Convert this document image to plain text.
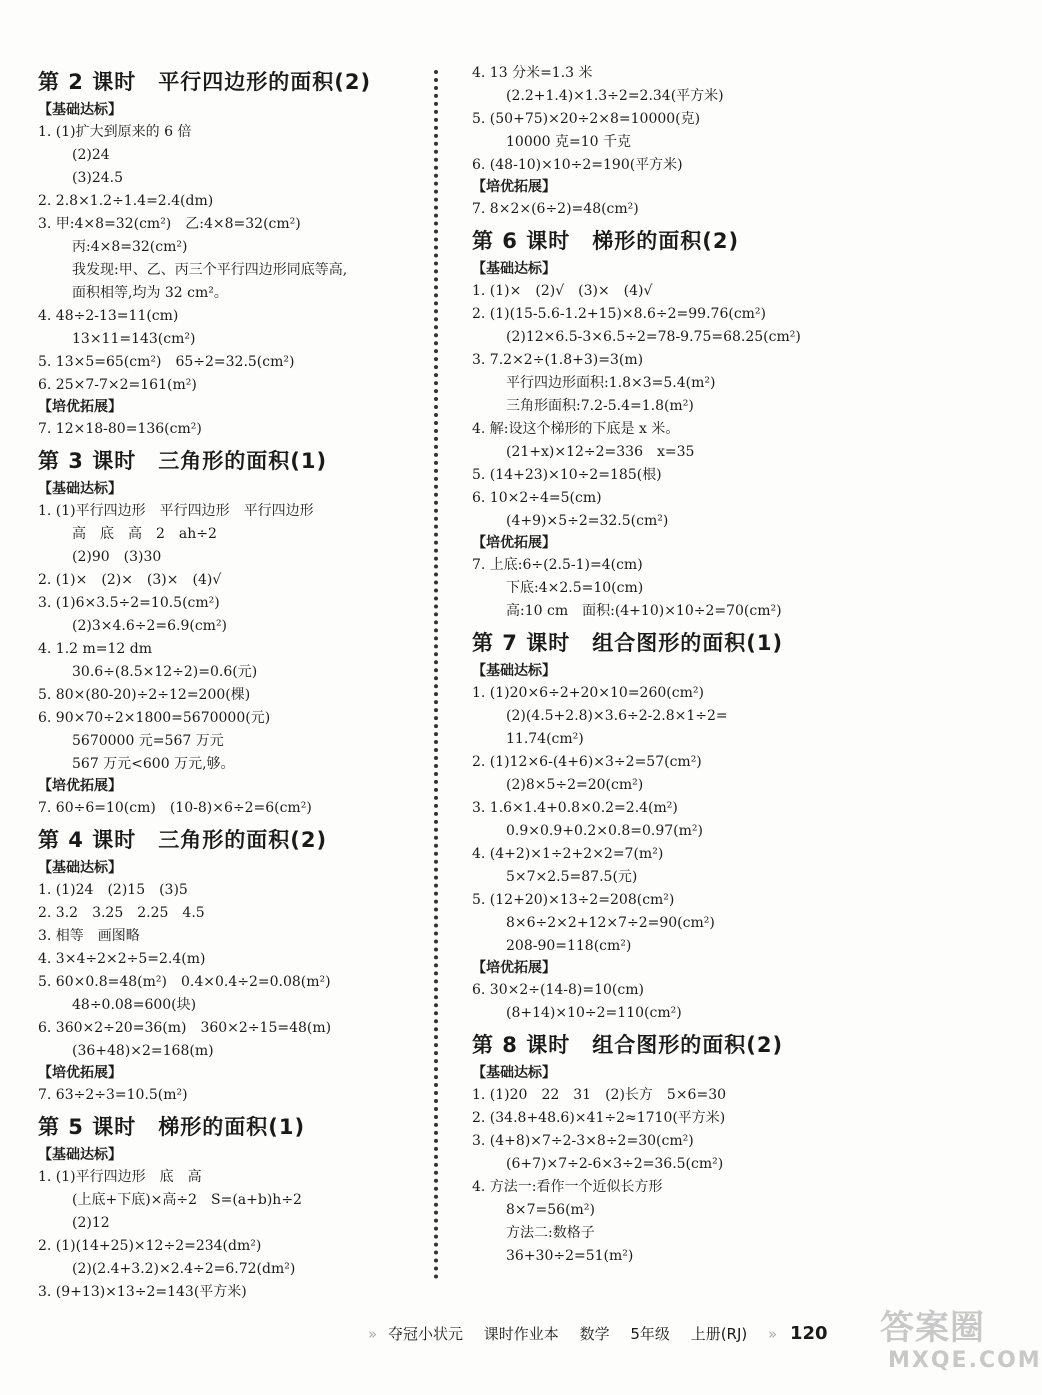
第 2 课时 平行四边形的面积(2)
【基础达标】
1. (1)扩大到原来的 6 倍
(2)24
(3)24.5
2. 2.8×1.2÷1.4=2.4(dm)
3. 甲:4×8=32(cm²)　乙:4×8=32(cm²)
丙:4×8=32(cm²)
我发现:甲、乙、丙三个平行四边形同底等高,
面积相等,均为 32 cm²。
4. 48÷2-13=11(cm)
13×11=143(cm²)
5. 13×5=65(cm²)　65÷2=32.5(cm²)
6. 25×7-7×2=161(m²)
【培优拓展】
7. 12×18-80=136(cm²)
第 3 课时 三角形的面积(1)
【基础达标】
1. (1)平行四边形　平行四边形　平行四边形
高　底　高　2　ah÷2
(2)90　(3)30
2. (1)×　(2)×　(3)×　(4)√
3. (1)6×3.5÷2=10.5(cm²)
(2)3×4.6÷2=6.9(cm²)
4. 1.2 m=12 dm
30.6÷(8.5×12÷2)=0.6(元)
5. 80×(80-20)÷2÷12=200(棵)
6. 90×70÷2×1800=5670000(元)
5670000 元=567 万元
567 万元<600 万元,够。
【培优拓展】
7. 60÷6=10(cm)　(10-8)×6÷2=6(cm²)
第 4 课时 三角形的面积(2)
【基础达标】
1. (1)24　(2)15　(3)5
2. 3.2　3.25　2.25　4.5
3. 相等　画图略
4. 3×4÷2×2÷5=2.4(m)
5. 60×0.8=48(m²)　0.4×0.4÷2=0.08(m²)
48÷0.08=600(块)
6. 360×2÷20=36(m)　360×2÷15=48(m)
(36+48)×2=168(m)
【培优拓展】
7. 63÷2÷3=10.5(m²)
第 5 课时 梯形的面积(1)
【基础达标】
1. (1)平行四边形　底　高
(上底+下底)×高÷2　S=(a+b)h÷2
(2)12
2. (1)(14+25)×12÷2=234(dm²)
(2)(2.4+3.2)×2.4÷2=6.72(dm²)
3. (9+13)×13÷2=143(平方米)
4. 13 分米=1.3 米
(2.2+1.4)×1.3÷2=2.34(平方米)
5. (50+75)×20÷2×8=10000(克)
10000 克=10 千克
6. (48-10)×10÷2=190(平方米)
【培优拓展】
7. 8×2×(6÷2)=48(cm²)
第 6 课时 梯形的面积(2)
【基础达标】
1. (1)×　(2)√　(3)×　(4)√
2. (1)(15-5.6-1.2+15)×8.6÷2=99.76(cm²)
(2)12×6.5-3×6.5÷2=78-9.75=68.25(cm²)
3. 7.2×2÷(1.8+3)=3(m)
平行四边形面积:1.8×3=5.4(m²)
三角形面积:7.2-5.4=1.8(m²)
4. 解:设这个梯形的下底是 x 米。
(21+x)×12÷2=336　x=35
5. (14+23)×10÷2=185(根)
6. 10×2÷4=5(cm)
(4+9)×5÷2=32.5(cm²)
【培优拓展】
7. 上底:6÷(2.5-1)=4(cm)
下底:4×2.5=10(cm)
高:10 cm　面积:(4+10)×10÷2=70(cm²)
第 7 课时 组合图形的面积(1)
【基础达标】
1. (1)20×6÷2+20×10=260(cm²)
(2)(4.5+2.8)×3.6÷2-2.8×1÷2=
11.74(cm²)
2. (1)12×6-(4+6)×3÷2=57(cm²)
(2)8×5÷2=20(cm²)
3. 1.6×1.4+0.8×0.2=2.4(m²)
0.9×0.9+0.2×0.8=0.97(m²)
4. (4+2)×1÷2+2×2=7(m²)
5×7×2.5=87.5(元)
5. (12+20)×13÷2=208(cm²)
8×6÷2×2+12×7÷2=90(cm²)
208-90=118(cm²)
【培优拓展】
6. 30×2÷(14-8)=10(cm)
(8+14)×10÷2=110(cm²)
第 8 课时 组合图形的面积(2)
【基础达标】
1. (1)20　22　31　(2)长方　5×6=30
2. (34.8+48.6)×41÷2≈1710(平方米)
3. (4+8)×7÷2-3×8÷2=30(cm²)
(6+7)×7÷2-6×3÷2=36.5(cm²)
4. 方法一:看作一个近似长方形
8×7=56(m²)
方法二:数格子
36+30÷2=51(m²)
» 夺冠小状元 课时作业本 数学 5年级 上册(RJ) » 120	答案圈
MXQE.COM
